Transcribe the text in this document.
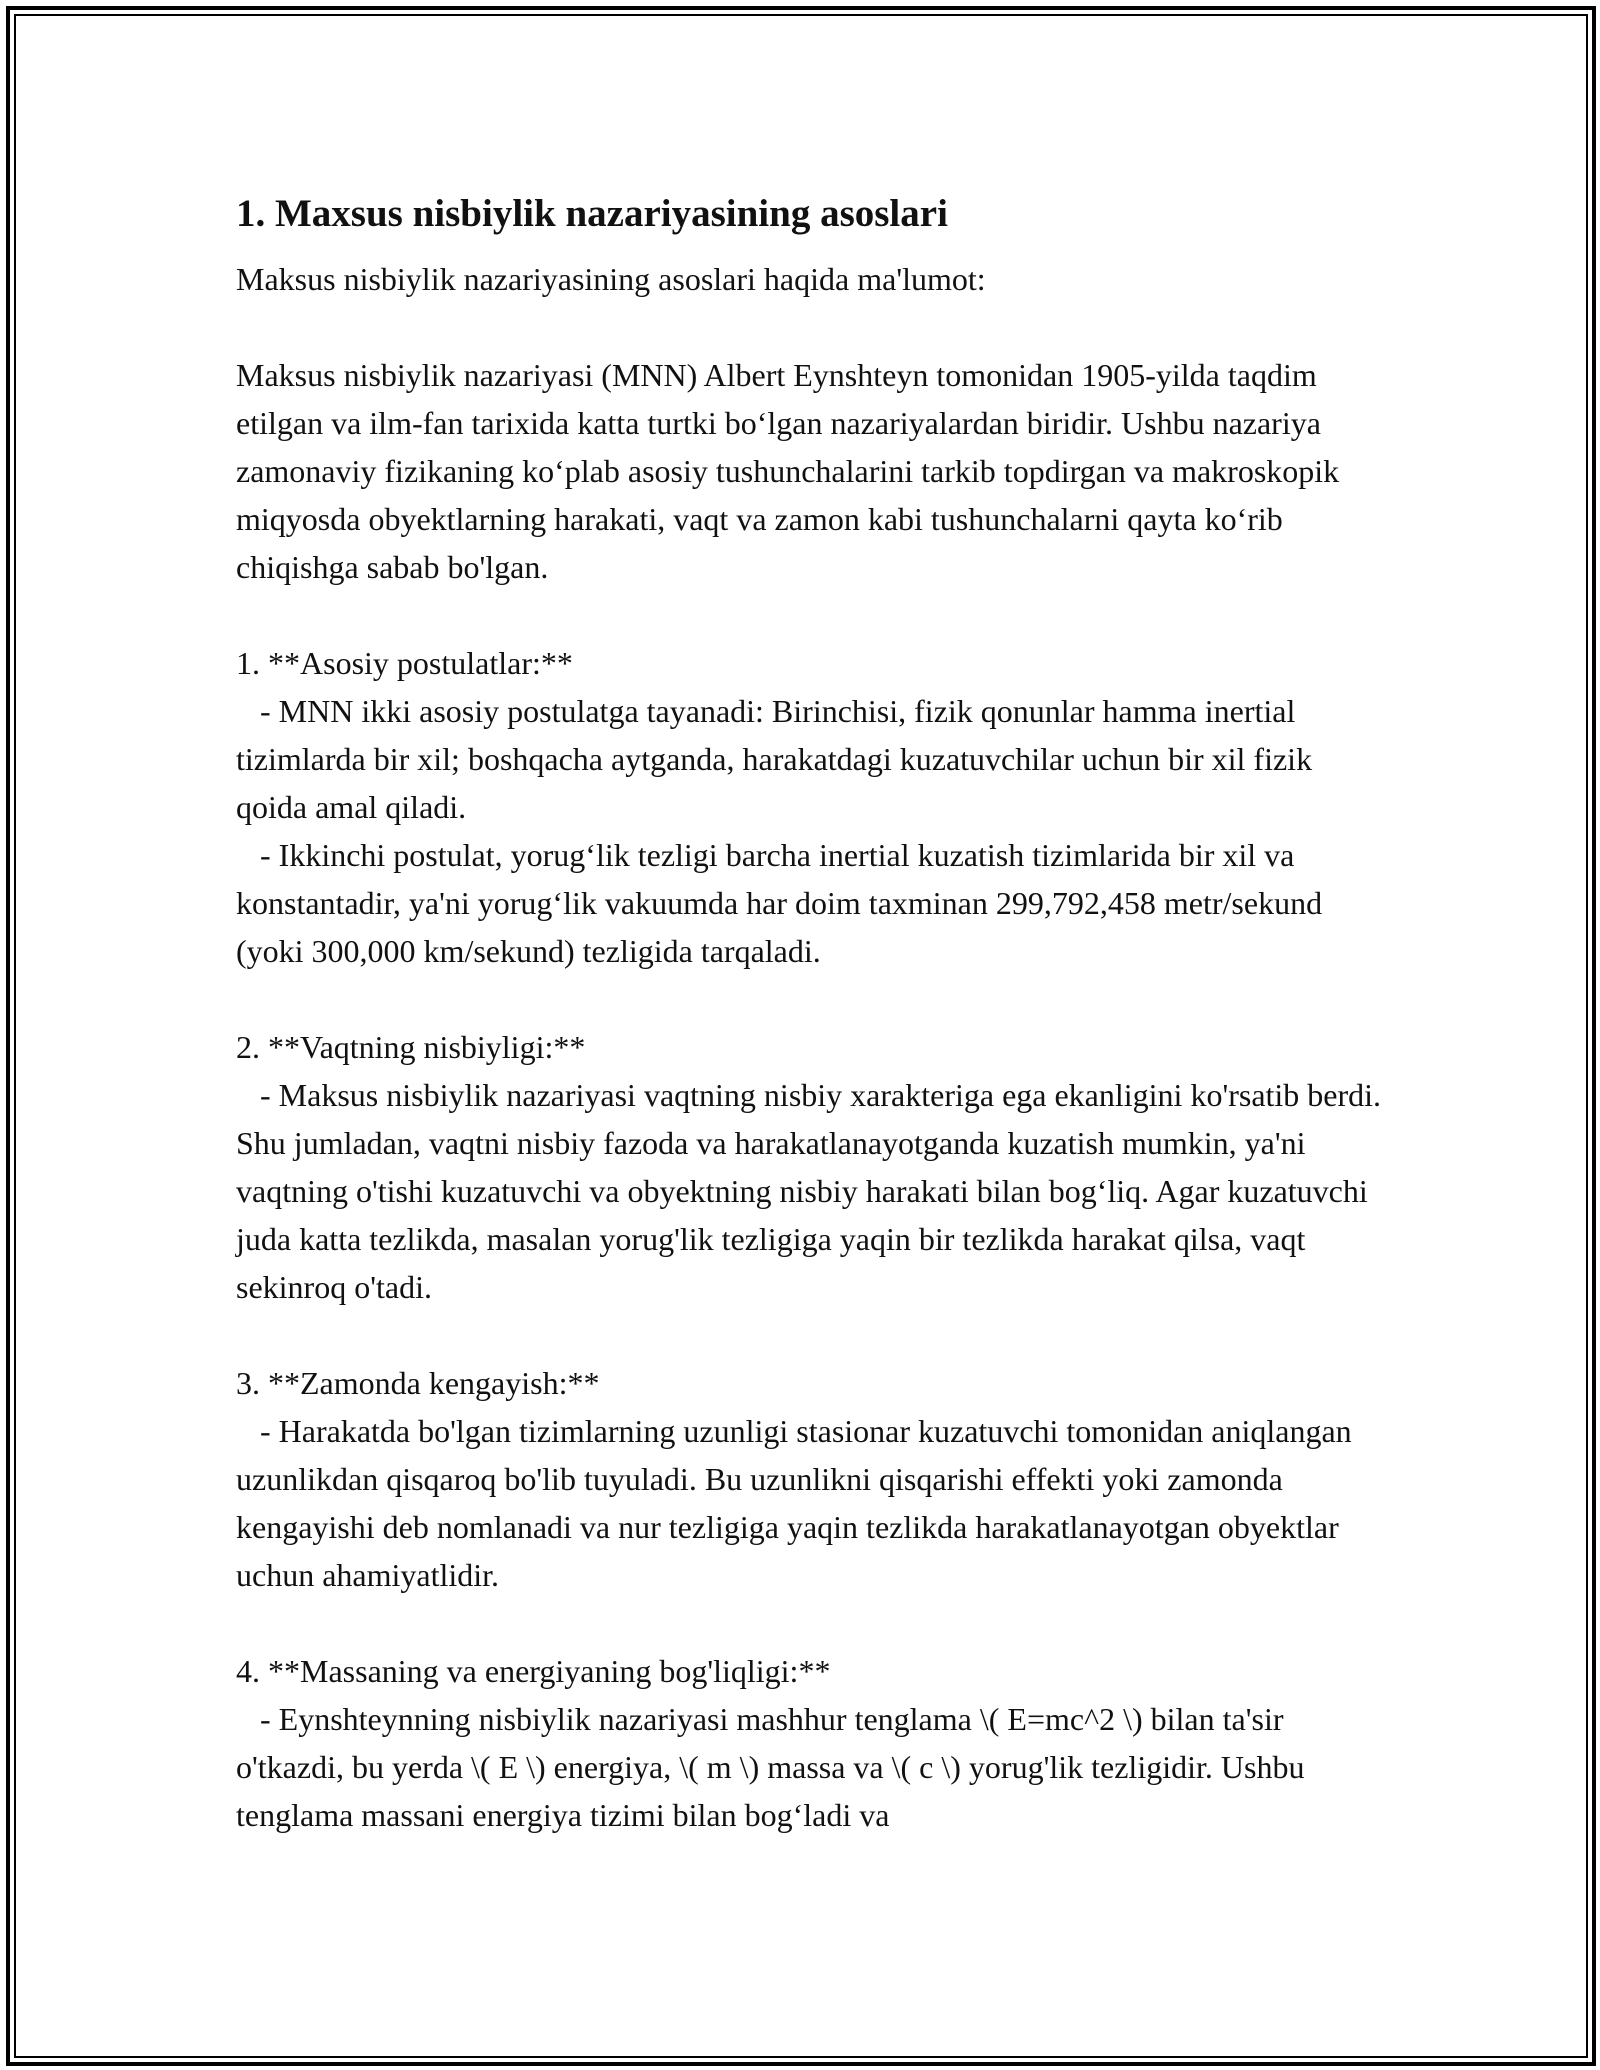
1. Maxsus nisbiylik nazariyasining asoslari

Maksus nisbiylik nazariyasining asoslari haqida ma'lumot:

Maksus nisbiylik nazariyasi (MNN) Albert Eynshteyn tomonidan 1905-yilda taqdim etilgan va ilm-fan tarixida katta turtki bo‘lgan nazariyalardan biridir. Ushbu nazariya zamonaviy fizikaning ko‘plab asosiy tushunchalarini tarkib topdirgan va makroskopik miqyosda obyektlarning harakati, vaqt va zamon kabi tushunchalarni qayta ko‘rib chiqishga sabab bo'lgan.

1. **Asosiy postulatlar:**

- MNN ikki asosiy postulatga tayanadi: Birinchisi, fizik qonunlar hamma inertial tizimlarda bir xil; boshqacha aytganda, harakatdagi kuzatuvchilar uchun bir xil fizik qoida amal qiladi.

- Ikkinchi postulat, yorug‘lik tezligi barcha inertial kuzatish tizimlarida bir xil va konstantadir, ya'ni yorug‘lik vakuumda har doim taxminan 299,792,458 metr/sekund (yoki 300,000 km/sekund) tezligida tarqaladi.

2. **Vaqtning nisbiyligi:**

- Maksus nisbiylik nazariyasi vaqtning nisbiy xarakteriga ega ekanligini ko'rsatib berdi. Shu jumladan, vaqtni nisbiy fazoda va harakatlanayotganda kuzatish mumkin, ya'ni vaqtning o'tishi kuzatuvchi va obyektning nisbiy harakati bilan bog‘liq. Agar kuzatuvchi juda katta tezlikda, masalan yorug'lik tezligiga yaqin bir tezlikda harakat qilsa, vaqt sekinroq o'tadi.

3. **Zamonda kengayish:**

- Harakatda bo'lgan tizimlarning uzunligi stasionar kuzatuvchi tomonidan aniqlangan uzunlikdan qisqaroq bo'lib tuyuladi. Bu uzunlikni qisqarishi effekti yoki zamonda kengayishi deb nomlanadi va nur tezligiga yaqin tezlikda harakatlanayotgan obyektlar uchun ahamiyatlidir.

4. **Massaning va energiyaning bog'liqligi:**

- Eynshteynning nisbiylik nazariyasi mashhur tenglama \( E=mc^2 \) bilan ta'sir o'tkazdi, bu yerda \( E \) energiya, \( m \) massa va \( c \) yorug'lik tezligidir. Ushbu tenglama massani energiya tizimi bilan bog‘ladi va
